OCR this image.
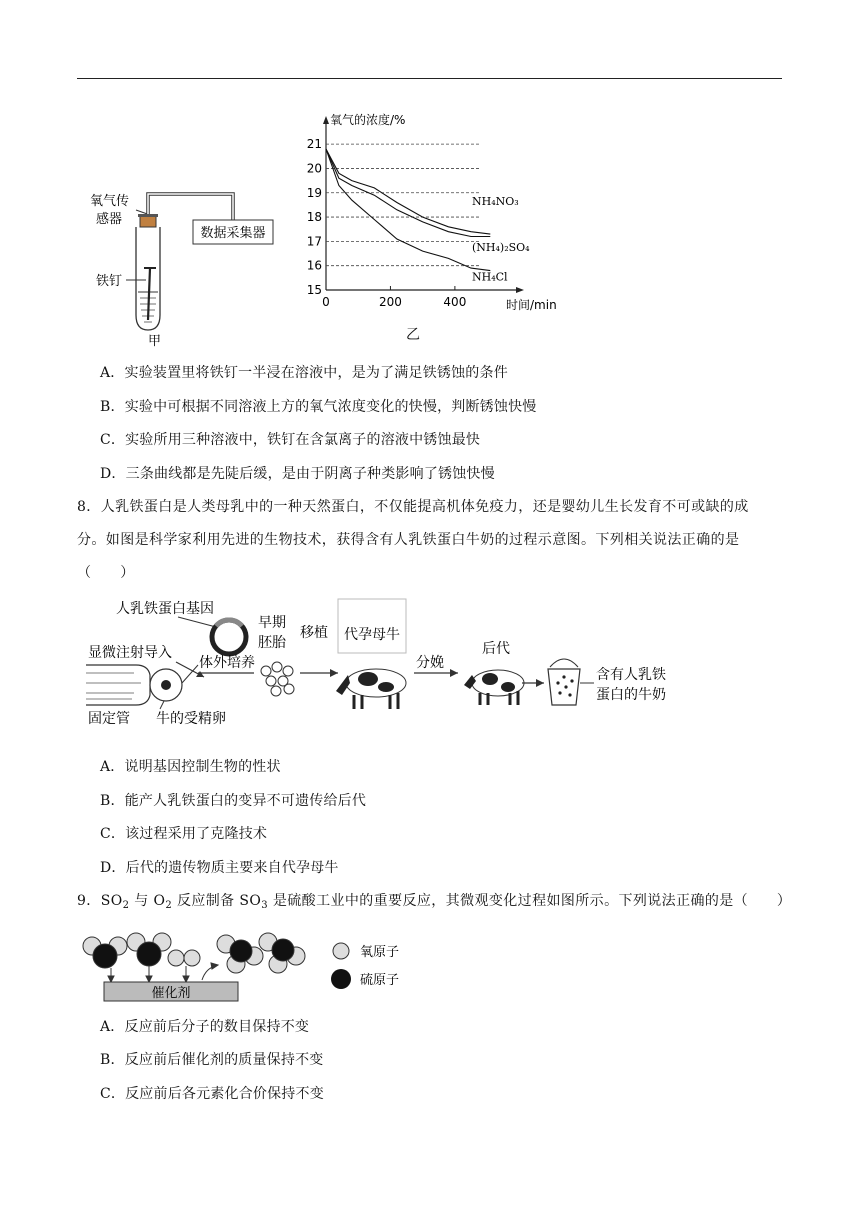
氧气传
感器
数据采集器
铁钉
甲
氧气的浓度/%
时间/min
15
16
17
18
19
20
21
0	200	400
NH₄NO₃
(NH₄)₂SO₄
NH₄Cl
乙
A．实验装置里将铁钉一半浸在溶液中，是为了满足铁锈蚀的条件
B．实验中可根据不同溶液上方的氧气浓度变化的快慢，判断锈蚀快慢
C．实验所用三种溶液中，铁钉在含氯离子的溶液中锈蚀最快
D．三条曲线都是先陡后缓，是由于阴离子种类影响了锈蚀快慢
8．人乳铁蛋白是人类母乳中的一种天然蛋白，不仅能提高机体免疫力，还是婴幼儿生长发育不可或缺的成
分。如图是科学家利用先进的生物技术，获得含有人乳铁蛋白牛奶的过程示意图。下列相关说法正确的是
（　　）
人乳铁蛋白基因
显微注射导入
体外培养
固定管 牛的受精卵
早期
胚胎
移植 代孕母牛
分娩
后代
含有人乳铁
蛋白的牛奶
A．说明基因控制生物的性状
B．能产人乳铁蛋白的变异不可遗传给后代
C．该过程采用了克隆技术
D．后代的遗传物质主要来自代孕母牛
9．$SO_2$ 与 $O_2$ 反应制备 $SO_3$ 是硫酸工业中的重要反应，其微观变化过程如图所示。下列说法正确的是（　　）
催化剂
氧原子
硫原子
A．反应前后分子的数目保持不变
B．反应前后催化剂的质量保持不变
C．反应前后各元素化合价保持不变
